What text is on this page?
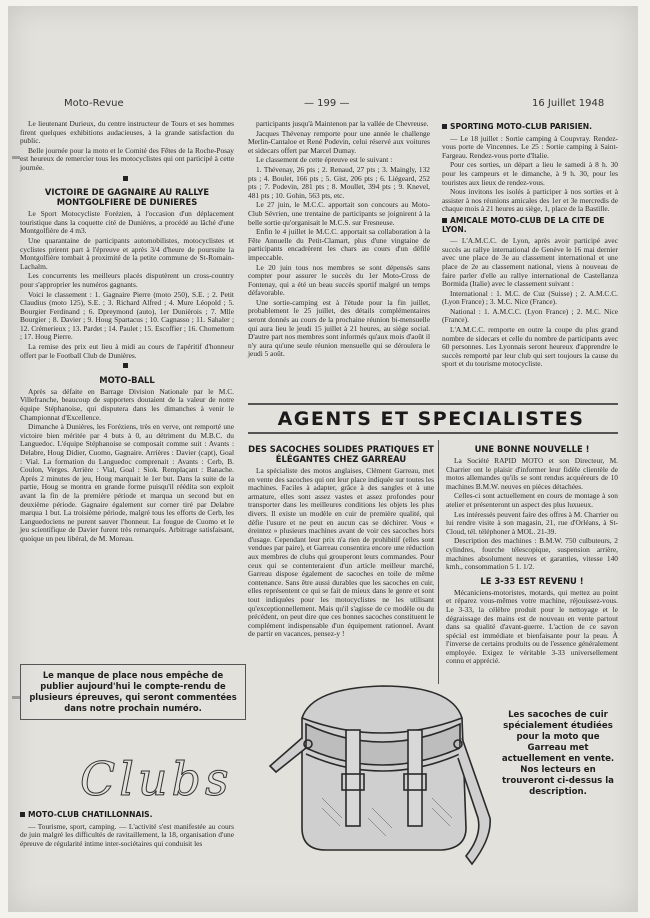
Moto-Revue	— 199 —	16 Juillet 1948

Le lieutenant Durieux, du centre instructeur de Tours et ses hommes firent quelques exhibitions audacieuses, à la grande satisfaction du public.

Belle journée pour la moto et le Comité des Fêtes de la Roche-Posay est heureux de remercier tous les motocyclistes qui ont participé à cette journée.

VICTOIRE DE GAGNAIRE AU RALLYE MONTGOLFIERE DE DUNIERES

Le Sport Motocycliste Forézien, à l'occasion d'un déplacement touristique dans la coquette cité de Dunières, a procédé au lâché d'une Montgolfière de 4 m3.

Une quarantaine de participants automobilistes, motocyclistes et cyclistes prirent part à l'épreuve et après 3/4 d'heure de poursuite la Montgolfière tombait à proximité de la petite commune de St-Romain-Lachalm.

Les concurrents les meilleurs placés disputèrent un cross-country pour s'approprier les numéros gagnants.

Voici le classement : 1. Gagnaire Pierre (moto 250), S.E. ; 2. Petit Claudius (moto 125), S.E. ; 3. Richard Alfred ; 4. Mure Léopold ; 5. Bourgier Ferdinand ; 6. Dpreymond (auto), 1er Dunièrois ; 7. Mlle Bourgier ; 8. Davier ; 9. Houg Spartacus ; 10. Cagnasso ; 11. Sahaler ; 12. Crémerieux ; 13. Pardet ; 14. Paulet ; 15. Escoffier ; 16. Chomettom ; 17. Houg Pierre.

La remise des prix eut lieu à midi au cours de l'apéritif d'honneur offert par le Football Club de Dunières.

MOTO-BALL

Après sa défaite en Barrage Division Nationale par le M.C. Villefranche, beaucoup de supporters doutaient de la valeur de notre équipe Stéphanoise, qui disputera dans les dimanches à venir le Championnat d'Excellence.

Dimanche à Dunières, les Foréziens, très en verve, ont remporté une victoire bien méritée par 4 buts à 0, au détriment du M.B.C. du Languedoc. L'équipe Stéphanoise se composait comme suit : Avants : Delabre, Houg Didier, Cuomo, Gagnaire. Arrières : Davier (capt), Goal : Vial. La formation du Languedoc comprenait : Avants : Cerb, B. Coulon, Verges. Arrière : Vial, Goal : Siok. Remplaçant : Banache. Après 2 minutes de jeu, Houg marquait le 1er but. Dans la suite de la partie, Houg se montra en grande forme puisqu'il réédita son exploit avant la fin de la première période et marqua un second but en deuxième période. Gagnaire également sur corner tiré par Delabre marqua 1 but. La troisième période, malgré tous les efforts de Cerb, les Languedociens ne purent sauver l'honneur. La fougue de Cuomo et le jeu scientifique de Davier furent très remarqués. Arbitrage satisfaisant, quoique un peu libéral, de M. Moreau.

Le manque de place nous empêche de publier aujourd'hui le compte-rendu de plusieurs épreuves, qui seront commentées dans notre prochain numéro.
Clubs
MOTO-CLUB CHATILLONNAIS.

— Tourisme, sport, camping. — L'activité s'est manifestée au cours de juin malgré les difficultés de ravitaillement, la 18, organisation d'une épreuve de régularité intime inter-sociétaires qui conduisit les

participants jusqu'à Maintenon par la vallée de Chevreuse.

Jacques Thévenay remporte pour une année le challenge Merlin-Cantaloe et René Podevin, celui réservé aux voitures et sidecars offert par Marcel Dumay.

Le classement de cette épreuve est le suivant :

1. Thévenay, 26 pts ; 2. Renaud, 27 pts ; 3. Maingly, 132 pts ; 4. Boulet, 166 pts ; 5. Gist, 206 pts ; 6. Liégeard, 252 pts ; 7. Podevin, 281 pts ; 8. Moullet, 394 pts ; 9. Knevel, 481 pts ; 10. Gohin, 563 pts, etc.

Le 27 juin, le M.C.C. apportait son concours au Moto-Club Sévrien, une trentaine de participants se joignirent à la belle sortie qu'organisait le M.C.S. sur Fresneuse.

Enfin le 4 juillet le M.C.C. apportait sa collaboration à la Fête Annuelle du Petit-Clamart, plus d'une vingtaine de participants encadrèrent les chars au cours d'un défilé impeccable.

Le 20 juin tous nos membres se sont dépensés sans compter pour assurer le succès du 1er Moto-Cross de Fontenay, qui a été un beau succès sportif malgré un temps défavorable.

Une sortie-camping est à l'étude pour la fin juillet, probablement le 25 juillet, des détails complémentaires seront donnés au cours de la prochaine réunion bi-mensuelle qui aura lieu le jeudi 15 juillet à 21 heures, au siège social. D'autre part nos membres sont informés qu'aux mois d'août il n'y aura qu'une seule réunion mensuelle qui se déroulera le jeudi 5 août.

SPORTING MOTO-CLUB PARISIEN.

— Le 18 juillet : Sortie camping à Coupvray. Rendez-vous porte de Vincennes. Le 25 : Sortie camping à Saint-Fargeau. Rendez-vous porte d'Italie.

Pour ces sorties, un départ a lieu le samedi à 8 h. 30 pour les campeurs et le dimanche, à 9 h. 30, pour les touristes aux lieux de rendez-vous.

Nous invitons les isolés à participer à nos sorties et à assister à nos réunions amicales des 1er et 3e mercredis de chaque mois à 21 heures au siège, 1, place de la Bastille.

AMICALE MOTO-CLUB DE LA CITE DE LYON.

— L'A.M.C.C. de Lyon, après avoir participé avec succès au rallye international de Genève le 16 mai dernier avec une place de 3e au classement international et une place de 2e au classement national, viens à nouveau de faire parler d'elle au rallye international de Castellanza Bormida (Italie) avec le classement suivant :

International : 1. M.C. de Cuz (Suisse) ; 2. A.M.C.C. (Lyon France) ; 3. M.C. Nice (France).

National : 1. A.M.C.C. (Lyon France) ; 2. M.C. Nice (France).

L'A.M.C.C. remporte en outre la coupe du plus grand nombre de sidecars et celle du nombre de participants avec 60 personnes. Les Lyonnais seront heureux d'apprendre le succès remporté par leur club qui sert toujours la cause du sport et du tourisme motocycliste.

AGENTS ET SPECIALISTES
DES SACOCHES SOLIDES PRATIQUES ET ÉLÉGANTES CHEZ GARREAU

La spécialiste des motos anglaises, Clément Garreau, met en vente des sacoches qui ont leur place indiquée sur toutes les machines. Faciles à adapter, grâce à des sangles et à une armature, elles sont assez vastes et assez profondes pour transporter dans les meilleures conditions les objets les plus divers. Il existe un modèle en cuir de première qualité, qui défie l'usure et ne peut en aucun cas se déchirer. Vous « éreintez » plusieurs machines avant de voir ces sacoches hors d'usage. Cependant leur prix n'a rien de prohibitif (elles sont vendues par paire), et Garreau consentira encore une réduction aux membres de clubs qui grouperont leurs commandes. Pour ceux qui se contenteraient d'un article meilleur marché, Garreau dispose également de sacoches en toile de même contenance. Sans être aussi durables que les sacoches en cuir, elles représentent ce qui se fait de mieux dans le genre et sont tout indiquées pour les motocyclistes ne les utilisant qu'exceptionnellement. Mais qu'il s'agisse de ce modèle ou du précédent, on peut dire que ces bonnes sacoches constituent le complément indispensable d'un équipement rationnel. Avant de partir en vacances, pensez-y !

UNE BONNE NOUVELLE !

La Société RAPID MOTO et son Directeur, M. Charrier ont le plaisir d'informer leur fidèle clientèle de motos allemandes qu'ils se sont rendus acquéreurs de 10 machines B.M.W. neuves en pièces détachées.

Celles-ci sont actuellement en cours de montage à son atelier et présenteront un aspect des plus luxueux.

Les intéressés peuvent faire des offres à M. Charrier ou lui rendre visite à son magasin, 21, rue d'Orléans, à St-Cloud, tél. téléphoner à MOL. 21-39.

Description des machines : B.M.W. 750 culbuteurs, 2 cylindres, fourche télescopique, suspension arrière, machines absolument neuves et garanties, vitesse 140 kmh., consommation 5 1. 1/2.

LE 3-33 EST REVENU !

Mécaniciens-motoristes, motards, qui mettez au point et réparez vous-mêmes votre machine, réjouissez-vous. Le 3-33, la célèbre produit pour le nettoyage et le dégraissage des mains est de nouveau en vente partout dans sa qualité d'avant-guerre. L'action de ce savon spécial est immédiate et bienfaisante pour la peau. À l'inverse de certains produits ou de l'essence généralement employée. Exigez le véritable 3-33 universellement connu et apprécié.

Les sacoches de cuir spécialement étudiées pour la moto que Garreau met actuellement en vente. Nos lecteurs en trouveront ci-dessus la description.
